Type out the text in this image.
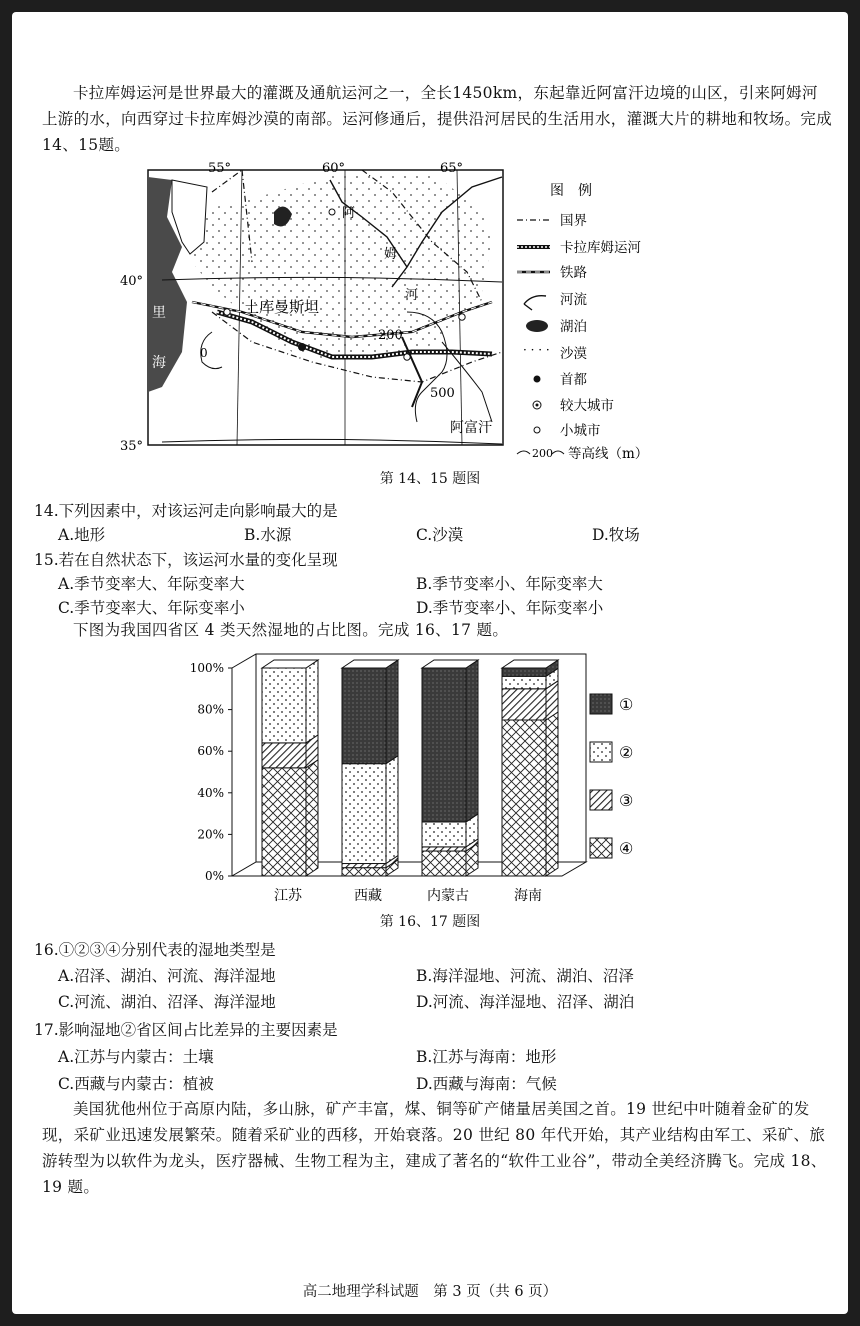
卡拉库姆运河是世界最大的灌溉及通航运河之一，全长1450km，东起靠近阿富汗边境的山区，引来阿姆河上游的水，向西穿过卡拉库姆沙漠的南部。运河修通后，提供沿河居民的生活用水，灌溉大片的耕地和牧场。完成14、15题。
55°	60°	65°
40°
35°
土库曼斯坦
阿富汗
阿
姆
河
里
海
200
500
0
图　例
国界
卡拉库姆运河
铁路
河流
湖泊
· · · · 沙漠
首都
较大城市
小城市
200 等高线（m）
第 14、15 题图
14.下列因素中，对该运河走向影响最大的是
A.地形	B.水源	C.沙漠	D.牧场
15.若在自然状态下，该运河水量的变化呈现
A.季节变率大、年际变率大	B.季节变率小、年际变率大
C.季节变率大、年际变率小	D.季节变率小、年际变率小
下图为我国四省区 4 类天然湿地的占比图。完成 16、17 题。
0%
20%
40%
60%
80%
100%
江苏	西藏	内蒙古	海南
①
②
③
④
第 16、17 题图
16.①②③④分别代表的湿地类型是
A.沼泽、湖泊、河流、海洋湿地	B.海洋湿地、河流、湖泊、沼泽
C.河流、湖泊、沼泽、海洋湿地	D.河流、海洋湿地、沼泽、湖泊
17.影响湿地②省区间占比差异的主要因素是
A.江苏与内蒙古：土壤	B.江苏与海南：地形
C.西藏与内蒙古：植被	D.西藏与海南：气候
美国犹他州位于高原内陆，多山脉，矿产丰富，煤、铜等矿产储量居美国之首。19 世纪中叶随着金矿的发现，采矿业迅速发展繁荣。随着采矿业的西移，开始衰落。20 世纪 80 年代开始，其产业结构由军工、采矿、旅游转型为以软件为龙头，医疗器械、生物工程为主，建成了著名的“软件工业谷”，带动全美经济腾飞。完成 18、19 题。
高二地理学科试题　第 3 页（共 6 页）
